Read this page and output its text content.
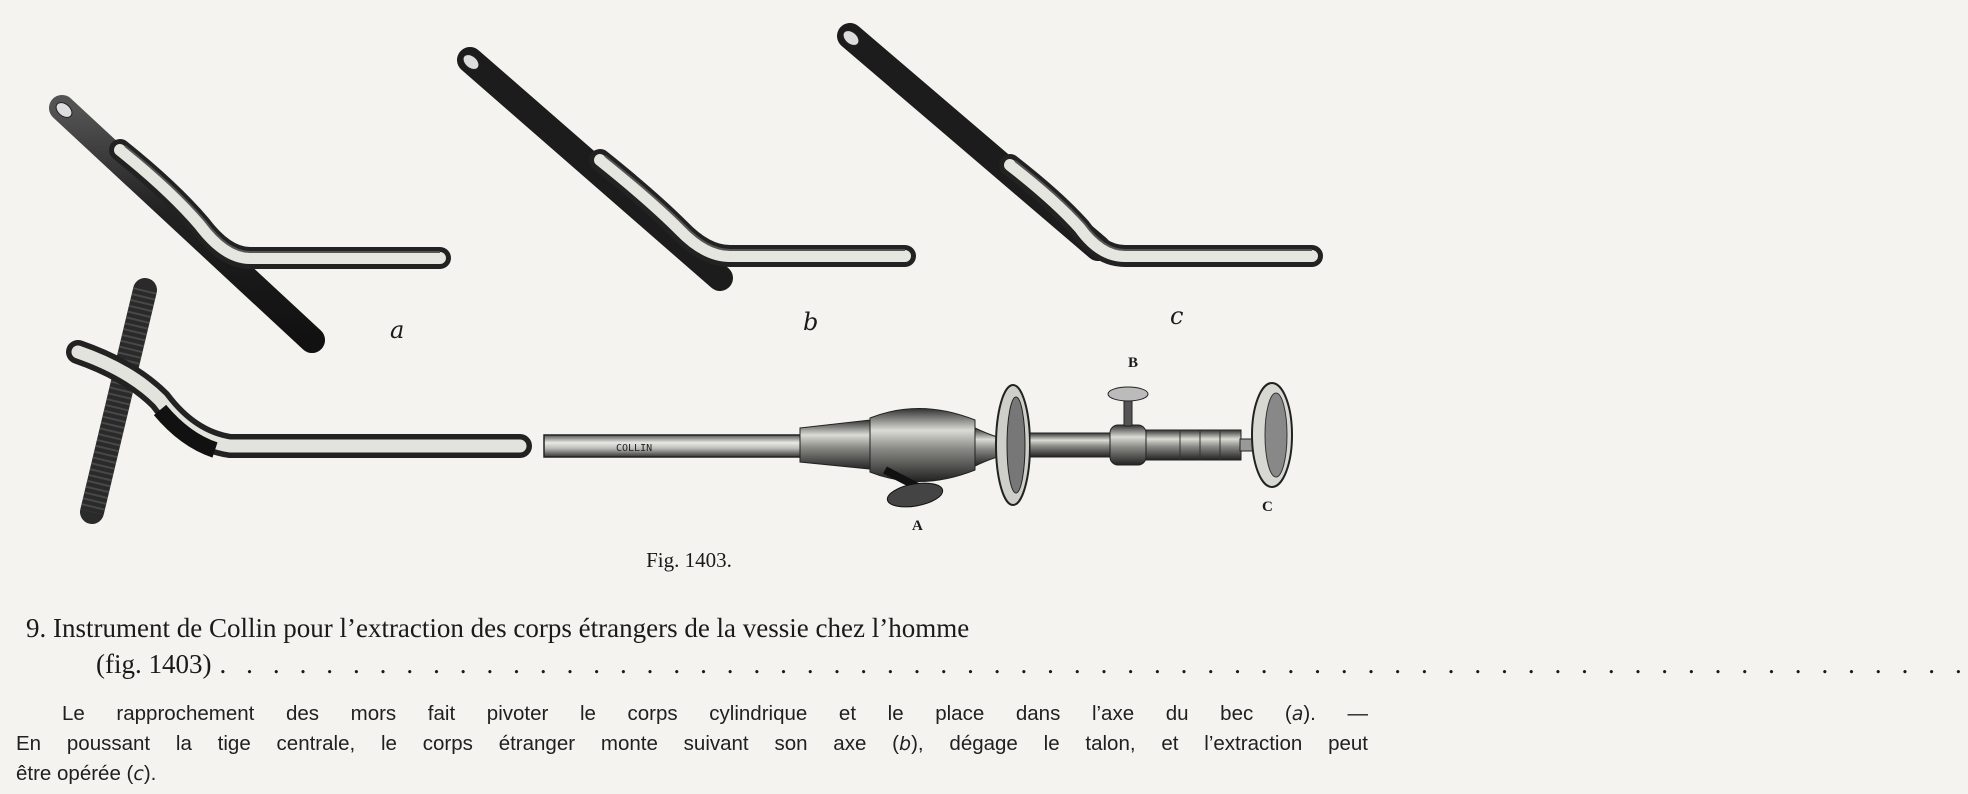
COLLIN
a	b	c
A
B
C
Fig. 1403.
9. Instrument de Collin pour l’extraction des corps étrangers de la vessie chez l’homme
(fig. 1403) . . . . . . . . . . . . . . . . . . . . . . . . . . . . . . . . . . . . . . . . . . . . . . . . . . . . . . . . . . . . . . . . . .
Le rapprochement des mors fait pivoter le corps cylindrique et le place dans l’axe du bec (a). —
En poussant la tige centrale, le corps étranger monte suivant son axe (b), dégage le talon, et l’extraction peut
être opérée (c).
